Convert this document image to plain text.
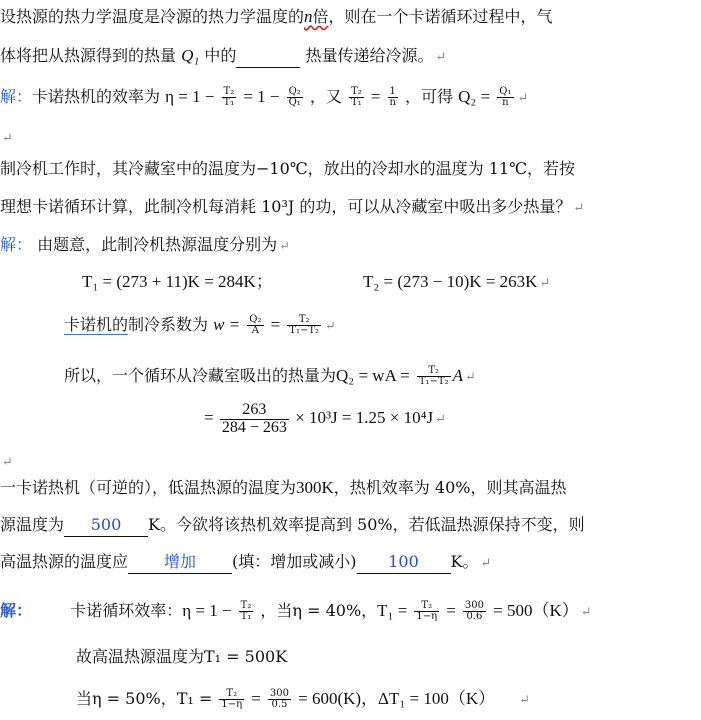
设热源的热力学温度是冷源的热力学温度的n倍，则在一个卡诺循环过程中，气
体将把从热源得到的热量 Q₁ 中的	热量传递给冷源。 ↵
解：卡诺热机的效率为 $\eta = 1 - \frac{\text{T₂}}{\text{T₁}} = 1 - \frac{\text{Q₂}}{\text{Q₁}}$ ，又 $\frac{\text{T₂}}{\text{T₁}} = \frac{1}{n}$ ，可得 $Q_2 = \frac{\text{Q₁}}{n}$ ↵
↵
制冷机工作时，其冷藏室中的温度为−10℃，放出的冷却水的温度为 11℃，若按
理想卡诺循环计算，此制冷机每消耗 10³J 的功，可以从冷藏室中吸出多少热量？ ↵
解： 由题意，此制冷机热源温度分别为 ↵
T₁ = (273 + 11)K = 284K；	T₂ = (273 − 10)K = 263K ↵
卡诺机的制冷系数为 $w = \frac{\text{Q₂}}{A} = \frac{\text{T₂}}{\text{T₁−T₂}}$ ↵
所以，一个循环从冷藏室吸出的热量为Q₂ = wA = $\frac{\text{T₂}}{\text{T₁−T₂}}$ A ↵
= $\frac{263}{284 - 263} \times 10^3J = 1.25 \times 10^4J$ ↵
↵
一卡诺热机（可逆的），低温热源的温度为300K，热机效率为 40%，则其高温热
源温度为 500 K。今欲将该热机效率提高到 50%，若低温热源保持不变，则
高温热源的温度应 增加 (填：增加或减小) 100 K。 ↵
解： 卡诺循环效率：$\eta = 1 - \frac{\text{T₂}}{\text{T₁}}$ ，当η = 40%，$T_1 = \frac{\text{T₂}}{1-\eta} = \frac{300}{0.6} = 500(K)$ ↵
故高温热源温度为T₁ = 500K
当η = 50%，$T_1 = \frac{\text{T₂}}{1-\eta} = \frac{300}{0.5} = 600(K)$，ΔT₁ = 100（K） ↵
